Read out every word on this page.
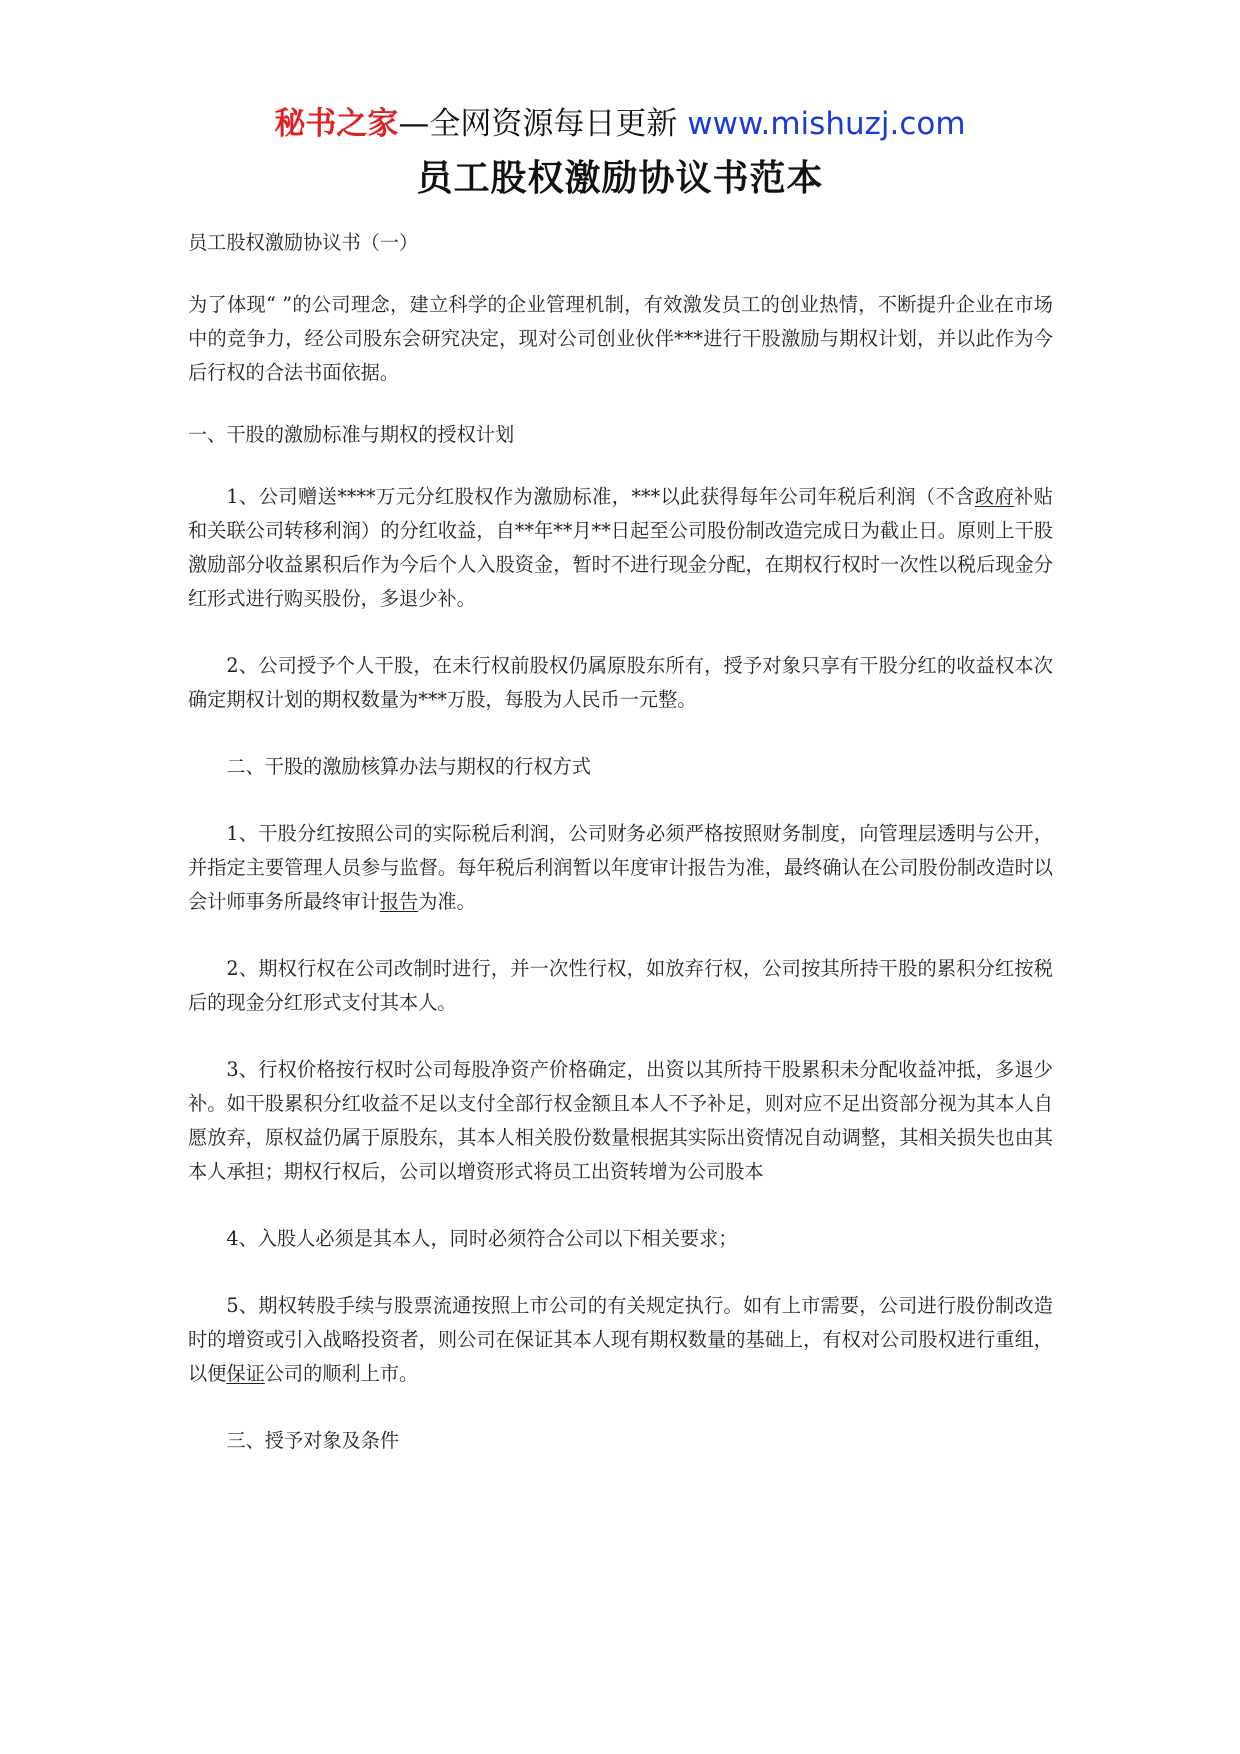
秘书之家—全网资源每日更新 www.mishuzj.com
员工股权激励协议书范本

员工股权激励协议书（一）

为了体现“ ”的公司理念，建立科学的企业管理机制，有效激发员工的创业热情，不断提升企业在市场中的竞争力，经公司股东会研究决定，现对公司创业伙伴***进行干股激励与期权计划，并以此作为今后行权的合法书面依据。

一、干股的激励标准与期权的授权计划

1、公司赠送****万元分红股权作为激励标准，***以此获得每年公司年税后利润（不含政府补贴和关联公司转移利润）的分红收益，自**年**月**日起至公司股份制改造完成日为截止日。原则上干股激励部分收益累积后作为今后个人入股资金，暂时不进行现金分配，在期权行权时一次性以税后现金分红形式进行购买股份，多退少补。

2、公司授予个人干股，在未行权前股权仍属原股东所有，授予对象只享有干股分红的收益权本次确定期权计划的期权数量为***万股，每股为人民币一元整。

二、干股的激励核算办法与期权的行权方式

1、干股分红按照公司的实际税后利润，公司财务必须严格按照财务制度，向管理层透明与公开，并指定主要管理人员参与监督。每年税后利润暂以年度审计报告为准，最终确认在公司股份制改造时以会计师事务所最终审计报告为准。

2、期权行权在公司改制时进行，并一次性行权，如放弃行权，公司按其所持干股的累积分红按税后的现金分红形式支付其本人。

3、行权价格按行权时公司每股净资产价格确定，出资以其所持干股累积未分配收益冲抵，多退少补。如干股累积分红收益不足以支付全部行权金额且本人不予补足，则对应不足出资部分视为其本人自愿放弃，原权益仍属于原股东，其本人相关股份数量根据其实际出资情况自动调整，其相关损失也由其本人承担；期权行权后，公司以增资形式将员工出资转增为公司股本

4、入股人必须是其本人，同时必须符合公司以下相关要求；

5、期权转股手续与股票流通按照上市公司的有关规定执行。如有上市需要，公司进行股份制改造时的增资或引入战略投资者，则公司在保证其本人现有期权数量的基础上，有权对公司股权进行重组，以便保证公司的顺利上市。

三、授予对象及条件
